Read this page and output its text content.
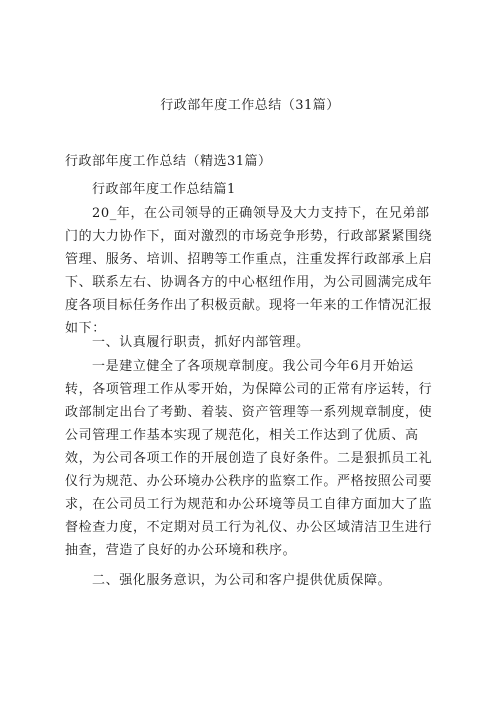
行政部年度工作总结（31篇）
行政部年度工作总结（精选31篇）
行政部年度工作总结篇1

20_年，在公司领导的正确领导及大力支持下，在兄弟部门的大力协作下，面对激烈的市场竞争形势，行政部紧紧围绕管理、服务、培训、招聘等工作重点，注重发挥行政部承上启下、联系左右、协调各方的中心枢纽作用，为公司圆满完成年度各项目标任务作出了积极贡献。现将一年来的工作情况汇报如下：

一、认真履行职责，抓好内部管理。

一是建立健全了各项规章制度。我公司今年6月开始运转，各项管理工作从零开始，为保障公司的正常有序运转，行政部制定出台了考勤、着装、资产管理等一系列规章制度，使公司管理工作基本实现了规范化，相关工作达到了优质、高效，为公司各项工作的开展创造了良好条件。二是狠抓员工礼仪行为规范、办公环境办公秩序的监察工作。严格按照公司要求，在公司员工行为规范和办公环境等员工自律方面加大了监督检查力度，不定期对员工行为礼仪、办公区域清洁卫生进行抽查，营造了良好的办公环境和秩序。

二、强化服务意识，为公司和客户提供优质保障。
